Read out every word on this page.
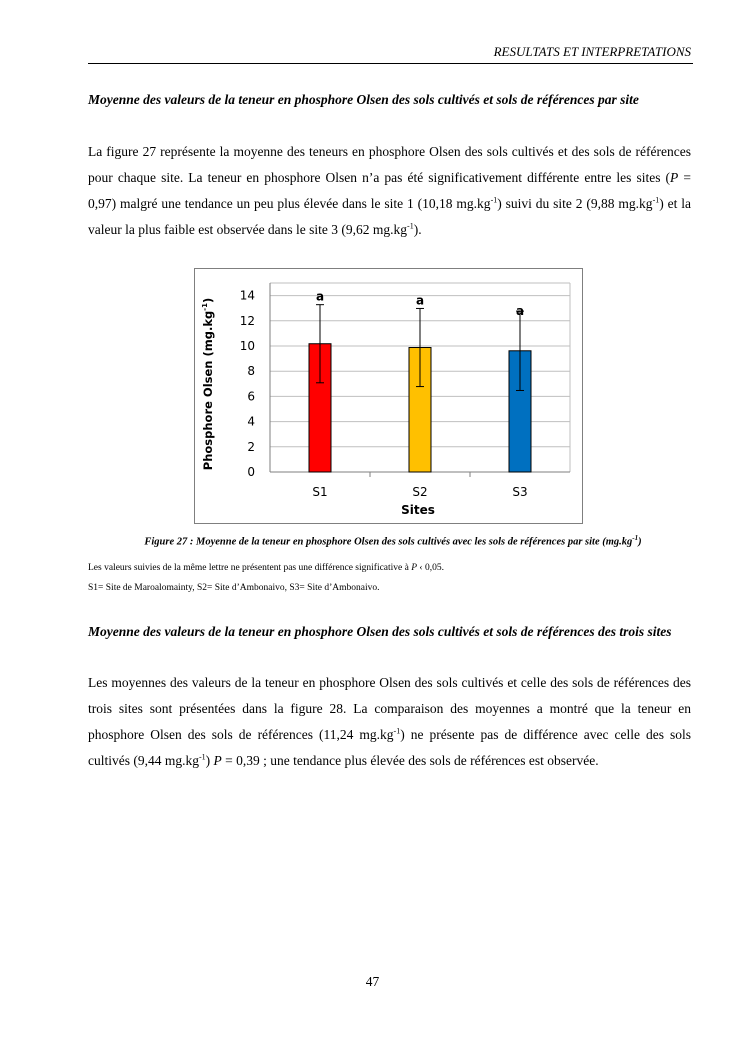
RESULTATS ET INTERPRETATIONS
Moyenne des valeurs de la teneur en phosphore Olsen des sols cultivés et sols de références par site
La figure 27 représente la moyenne des teneurs en phosphore Olsen des sols cultivés et des sols de références pour chaque site. La teneur en phosphore Olsen n’a pas été significativement différente entre les sites (P = 0,97) malgré une tendance un peu plus élevée dans le site 1 (10,18 $mg.kg^{-1}$) suivi du site 2 (9,88 $mg.kg^{-1}$) et la valeur la plus faible est observée dans le site 3 (9,62 $mg.kg^{-1}$).
0
2
4
6
8
10
12
14	a	a
a
S1	S2	S3
Phosphore Olsen $(mg.kg^{-1})$
Sites
Figure 27 : Moyenne de la teneur en phosphore Olsen des sols cultivés avec les sols de références par site $(mg.kg^{-1})$
Les valeurs suivies de la même lettre ne présentent pas une différence significative à P ‹ 0,05.
S1= Site de Maroalomainty, S2= Site d’Ambonaivo, S3= Site d’Ambonaivo.
Moyenne des valeurs de la teneur en phosphore Olsen des sols cultivés et sols de références des trois sites
Les moyennes des valeurs de la teneur en phosphore Olsen des sols cultivés et celle des sols de références des trois sites sont présentées dans la figure 28. La comparaison des moyennes a montré que la teneur en phosphore Olsen des sols de références (11,24 $mg.kg^{-1}$) ne présente pas de différence avec celle des sols cultivés (9,44 $mg.kg^{-1}$) P = 0,39 ; une tendance plus élevée des sols de références est observée.
47
